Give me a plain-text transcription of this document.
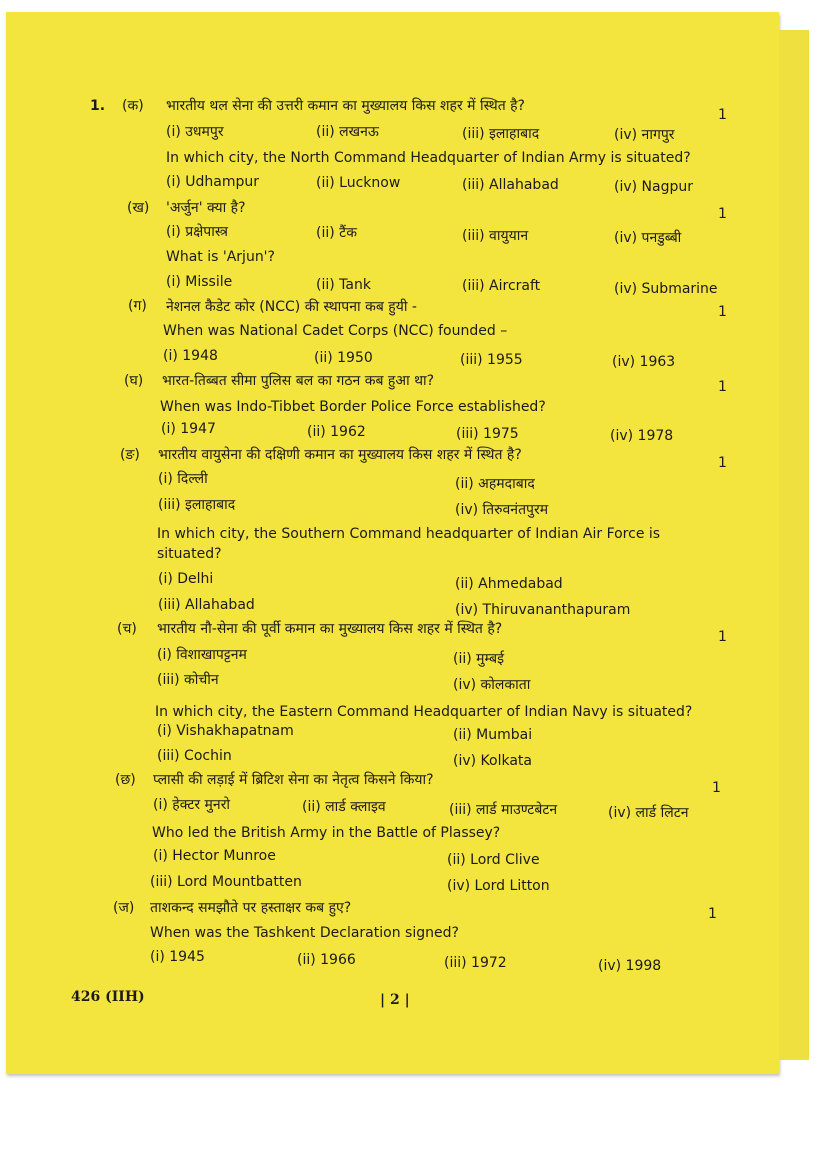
1. (क) भारतीय थल सेना की उत्तरी कमान का मुख्यालय किस शहर में स्थित है?
1
(i) उधमपुर	(ii) लखनऊ	(iii) इलाहाबाद	(iv) नागपुर
In which city, the North Command Headquarter of Indian Army is situated?
(i) Udhampur	(ii) Lucknow	(iii) Allahabad	(iv) Nagpur
(ख) 'अर्जुन' क्या है?	1
(i) प्रक्षेपास्त्र	(ii) टैंक	(iii) वायुयान	(iv) पनडुब्बी
What is 'Arjun'?
(i) Missile	(ii) Tank	(iii) Aircraft	(iv) Submarine
(ग) नेशनल कैडेट कोर (NCC) की स्थापना कब हुयी -	1
When was National Cadet Corps (NCC) founded –
(i) 1948	(ii) 1950	(iii) 1955	(iv) 1963
(घ) भारत-तिब्बत सीमा पुलिस बल का गठन कब हुआ था?	1
When was Indo-Tibbet Border Police Force established?
(i) 1947	(ii) 1962	(iii) 1975	(iv) 1978
(ङ) भारतीय वायुसेना की दक्षिणी कमान का मुख्यालय किस शहर में स्थित है?	1
(i) दिल्ली	(ii) अहमदाबाद
(iii) इलाहाबाद	(iv) तिरुवनंतपुरम
In which city, the Southern Command headquarter of Indian Air Force is
situated?
(i) Delhi	(ii) Ahmedabad
(iii) Allahabad	(iv) Thiruvananthapuram
(च) भारतीय नौ-सेना की पूर्वी कमान का मुख्यालय किस शहर में स्थित है?	1
(i) विशाखापट्टनम	(ii) मुम्बई
(iii) कोचीन	(iv) कोलकाता
In which city, the Eastern Command Headquarter of Indian Navy is situated?
(i) Vishakhapatnam	(ii) Mumbai
(iii) Cochin	(iv) Kolkata
(छ) प्लासी की लड़ाई में ब्रिटिश सेना का नेतृत्व किसने किया?	1
(i) हेक्टर मुनरो	(ii) लार्ड क्लाइव	(iii) लार्ड माउण्टबेटन	(iv) लार्ड लिटन
Who led the British Army in the Battle of Plassey?
(i) Hector Munroe	(ii) Lord Clive
(iii) Lord Mountbatten	(iv) Lord Litton
(ज) ताशकन्द समझौते पर हस्ताक्षर कब हुए?	1
When was the Tashkent Declaration signed?
(i) 1945	(ii) 1966	(iii) 1972	(iv) 1998
426 (IIH)	| 2 |
